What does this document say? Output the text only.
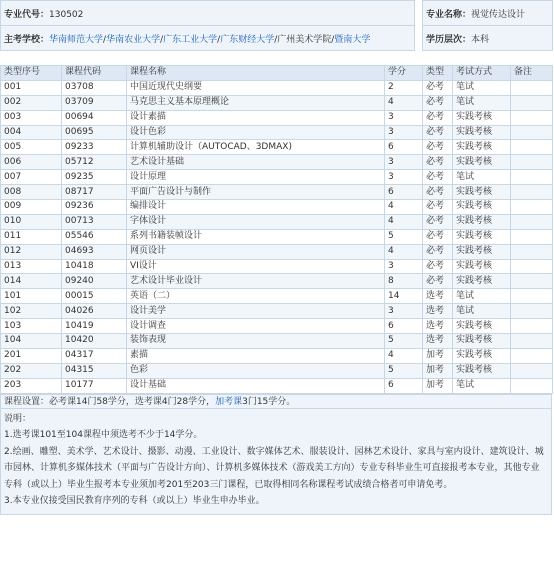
专业代号：130502		专业名称：视觉传达设计
主考学校：华南师范大学/华南农业大学/广东工业大学/广东财经大学/广州美术学院/暨南大学		学历层次：本科
类型序号	课程代码	课程名称	学分	类型	考试方式	备注
001	03708	中国近现代史纲要	2	必考	笔试	
002	03709	马克思主义基本原理概论	4	必考	笔试	
003	00694	设计素描	3	必考	实践考核	
004	00695	设计色彩	3	必考	实践考核	
005	09233	计算机辅助设计（AUTOCAD、3DMAX)	6	必考	实践考核	
006	05712	艺术设计基础	3	必考	实践考核	
007	09235	设计原理	3	必考	笔试	
008	08717	平面广告设计与制作	6	必考	实践考核	
009	09236	编排设计	4	必考	实践考核	
010	00713	字体设计	4	必考	实践考核	
011	05546	系列书籍装帧设计	5	必考	实践考核	
012	04693	网页设计	4	必考	实践考核	
013	10418	VI设计	3	必考	实践考核	
014	09240	艺术设计毕业设计	8	必考	实践考核	
101	00015	英语（二）	14	选考	笔试	
102	04026	设计美学	3	选考	笔试	
103	10419	设计调查	6	选考	实践考核	
104	10420	装饰表现	5	选考	实践考核	
201	04317	素描	4	加考	实践考核	
202	04315	色彩	5	加考	实践考核	
203	10177	设计基础	6	加考	笔试	
课程设置：必考课14门58学分，选考课4门28学分，加考课3门15学分。

说明：

1.选考课101至104课程中须选考不少于14学分。

2.绘画、雕塑、美术学、艺术设计、摄影、动漫、工业设计、数字媒体艺术、服装设计、园林艺术设计、家具与室内设计、建筑设计、城市园林、计算机多媒体技术（平面与广告设计方向）、计算机多媒体技术（游戏美工方向）专业专科毕业生可直接报考本专业，其他专业专科（或以上）毕业生报考本专业须加考201至203三门课程，已取得相同名称课程考试成绩合格者可申请免考。

3.本专业仅接受国民教育序列的专科（或以上）毕业生申办毕业。
